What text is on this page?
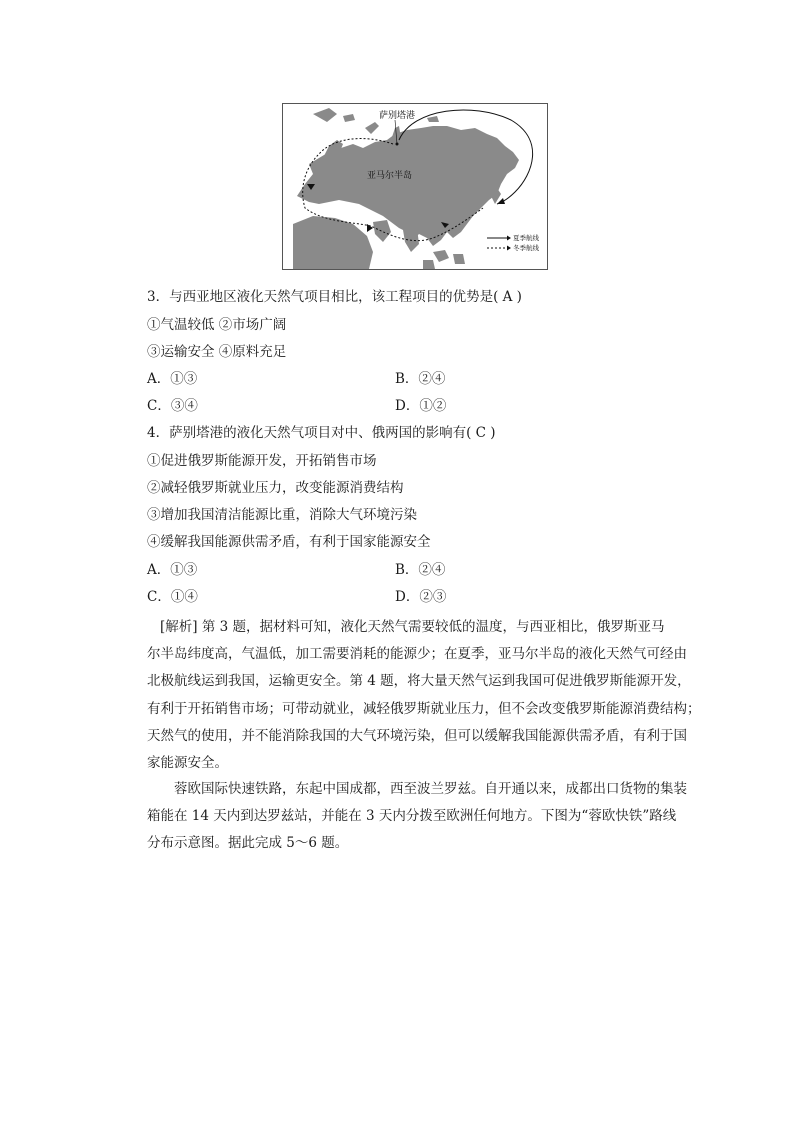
萨别塔港
亚马尔半岛
夏季航线
冬季航线
3．与西亚地区液化天然气项目相比，该工程项目的优势是( A )
①气温较低 ②市场广阔
③运输安全 ④原料充足
A．①③	B．②④
C．③④	D．①②
4．萨别塔港的液化天然气项目对中、俄两国的影响有( C )
①促进俄罗斯能源开发，开拓销售市场
②减轻俄罗斯就业压力，改变能源消费结构
③增加我国清洁能源比重，消除大气环境污染
④缓解我国能源供需矛盾，有利于国家能源安全
A．①③	B．②④
C．①④	D．②③
[解析] 第 3 题，据材料可知，液化天然气需要较低的温度，与西亚相比，俄罗斯亚马
尔半岛纬度高，气温低，加工需要消耗的能源少；在夏季，亚马尔半岛的液化天然气可经由
北极航线运到我国，运输更安全。第 4 题，将大量天然气运到我国可促进俄罗斯能源开发，
有利于开拓销售市场；可带动就业，减轻俄罗斯就业压力，但不会改变俄罗斯能源消费结构；
天然气的使用，并不能消除我国的大气环境污染，但可以缓解我国能源供需矛盾，有利于国
家能源安全。
蓉欧国际快速铁路，东起中国成都，西至波兰罗兹。自开通以来，成都出口货物的集装
箱能在 14 天内到达罗兹站，并能在 3 天内分拨至欧洲任何地方。下图为“蓉欧快铁”路线
分布示意图。据此完成 5～6 题。
